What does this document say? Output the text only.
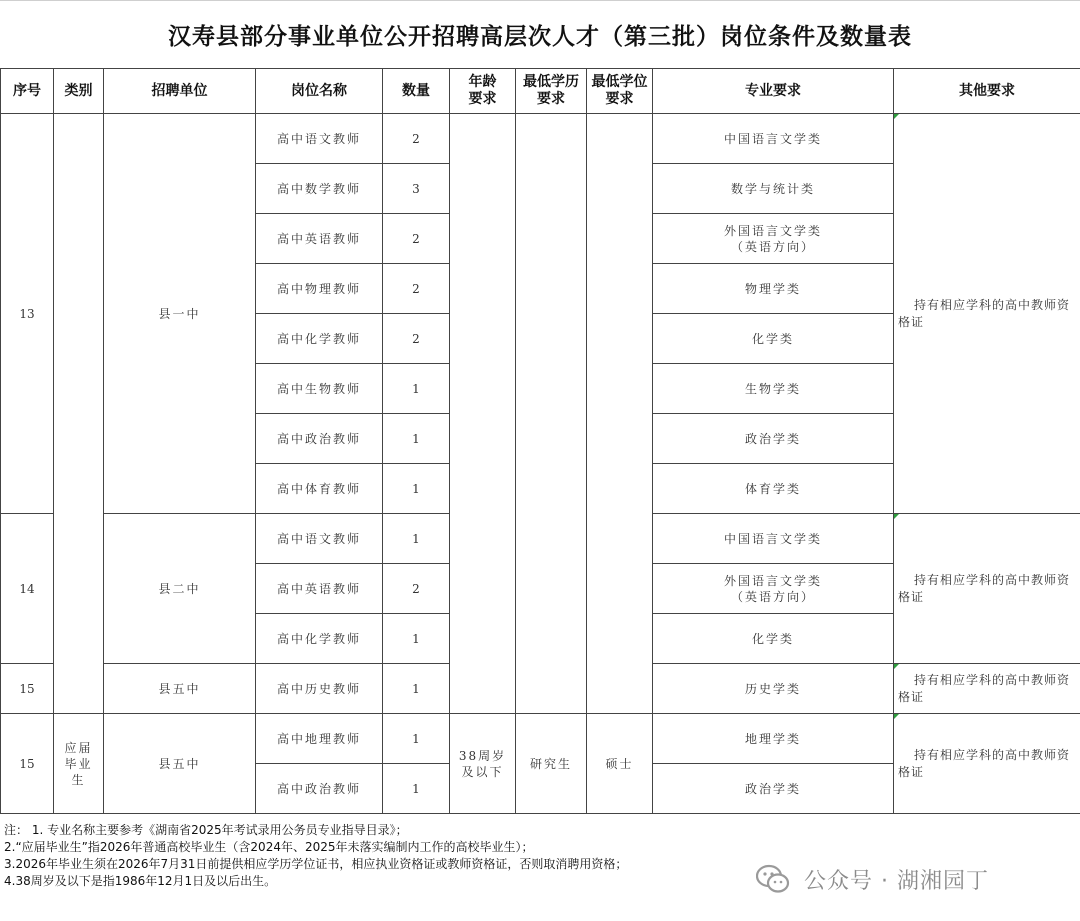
汉寿县部分事业单位公开招聘高层次人才（第三批）岗位条件及数量表
序号	类别	招聘单位	岗位名称	数量	年龄要求	最低学历要求	最低学位要求	专业要求	其他要求
13		县一中	高中语文教师	2				中国语言文学类	持有相应学科的高中教师资格证

			高中数学教师	3				数学与统计类	
			高中英语教师	2				外国语言文学类（英语方向）	
			高中物理教师	2				物理学类	
			高中化学教师	2				化学类	
			高中生物教师	1				生物学类	
			高中政治教师	1				政治学类	
			高中体育教师	1				体育学类	
14		县二中	高中语文教师	1				中国语言文学类	持有相应学科的高中教师资格证

			高中英语教师	2				外国语言文学类（英语方向）	
			高中化学教师	1				化学类	
15		县五中	高中历史教师	1				历史学类	持有相应学科的高中教师资格证

15	应届毕业生	县五中	高中地理教师	1	38周岁及以下	研究生	硕士	地理学类	持有相应学科的高中教师资格证

			高中政治教师	1				政治学类	
注： 1. 专业名称主要参考《湖南省2025年考试录用公务员专业指导目录》；
2.“应届毕业生”指2026年普通高校毕业生（含2024年、2025年未落实编制内工作的高校毕业生）；
3.2026年毕业生须在2026年7月31日前提供相应学历学位证书，相应执业资格证或教师资格证，否则取消聘用资格；
4.38周岁及以下是指1986年12月1日及以后出生。	公众号 · 湖湘园丁
